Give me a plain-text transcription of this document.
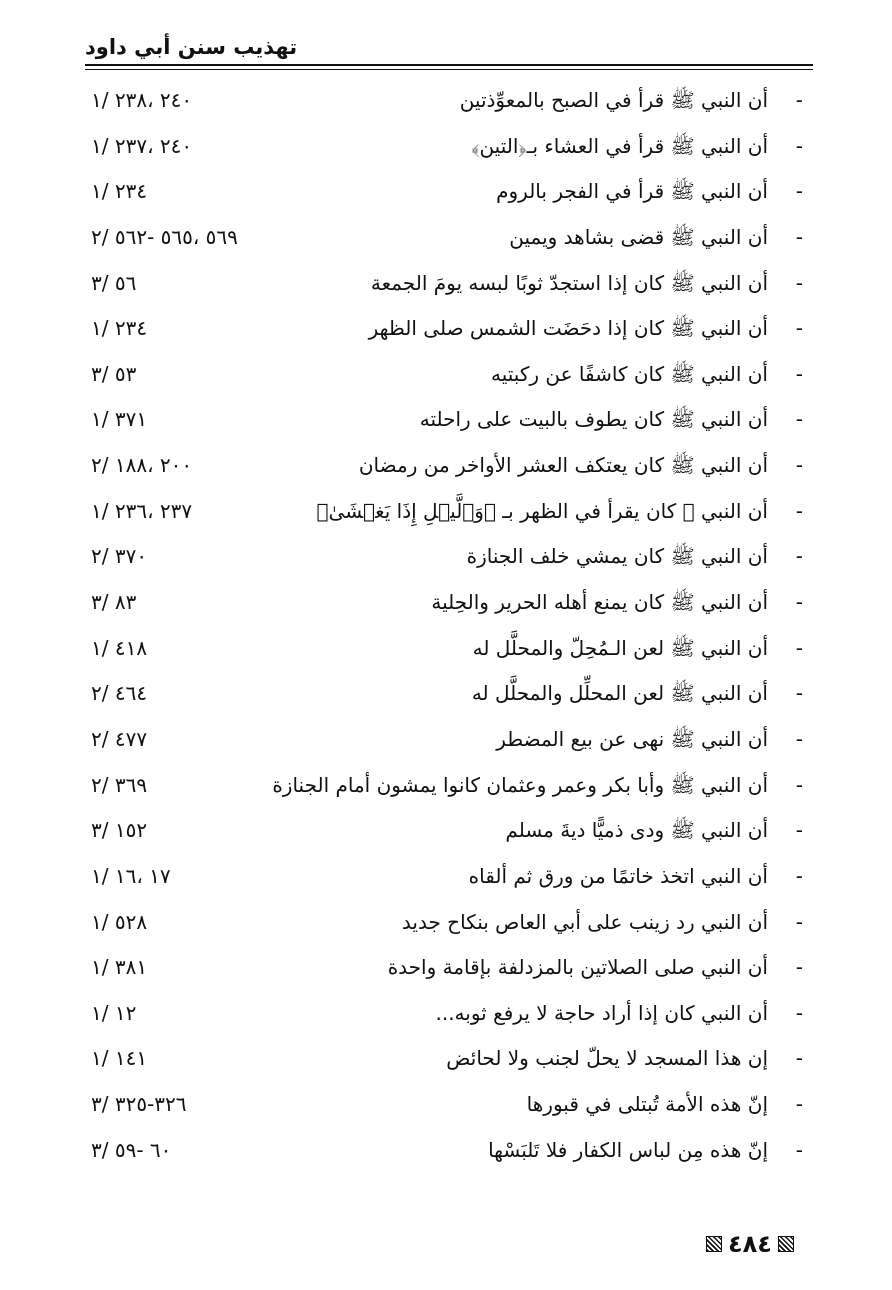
تهذيب سنن أبي داود
-
أن النبي ﷺ قرأ في الصبح بالمعوِّذتين
١/ ٢٣٨، ٢٤٠
-
أن النبي ﷺ قرأ في العشاء بـ﴿التين﴾
١/ ٢٣٧، ٢٤٠
-
أن النبي ﷺ قرأ في الفجر بالروم
١/ ٢٣٤
-
أن النبي ﷺ قضى بشاهد ويمين
٢/ ٥٦٢- ٥٦٥، ٥٦٩
-
أن النبي ﷺ كان إذا استجدّ ثوبًا لبسه يومَ الجمعة
٣/ ٥٦
-
أن النبي ﷺ كان إذا دحَضَت الشمس صلى الظهر
١/ ٢٣٤
-
أن النبي ﷺ كان كاشفًا عن ركبتيه
٣/ ٥٣
-
أن النبي ﷺ كان يطوف بالبيت على راحلته
١/ ٣٧١
-
أن النبي ﷺ كان يعتكف العشر الأواخر من رمضان
٢/ ١٨٨، ٢٠٠
-
أن النبي ﷺ كان يقرأ في الظهر بـ ﴿وَٱلَّيۡلِ إِذَا يَغۡشَىٰ﴾
١/ ٢٣٦، ٢٣٧
-
أن النبي ﷺ كان يمشي خلف الجنازة
٢/ ٣٧٠
-
أن النبي ﷺ كان يمنع أهله الحرير والحِلية
٣/ ٨٣
-
أن النبي ﷺ لعن الـمُحِلّ والمحلَّل له
١/ ٤١٨
-
أن النبي ﷺ لعن المحلِّل والمحلَّل له
٢/ ٤٦٤
-
أن النبي ﷺ نهى عن بيع المضطر
٢/ ٤٧٧
-
أن النبي ﷺ وأبا بكر وعمر وعثمان كانوا يمشون أمام الجنازة
٢/ ٣٦٩
-
أن النبي ﷺ ودى ذميًّا ديةَ مسلم
٣/ ١٥٢
-
أن النبي اتخذ خاتمًا من ورق ثم ألقاه
١/ ١٦، ١٧
-
أن النبي رد زينب على أبي العاص بنكاح جديد
١/ ٥٢٨
-
أن النبي صلى الصلاتين بالمزدلفة بإقامة واحدة
١/ ٣٨١
-
أن النبي كان إذا أراد حاجة لا يرفع ثوبه...
١/ ١٢
-
إن هذا المسجد لا يحلّ لجنب ولا لحائض
١/ ١٤١
-
إنّ هذه الأمة تُبتلى في قبورها
٣/ ٣٢٥-٣٢٦
-
إنّ هذه مِن لباس الكفار فلا تَلبَسْها
٣/ ٥٩- ٦٠
٤٨٤
